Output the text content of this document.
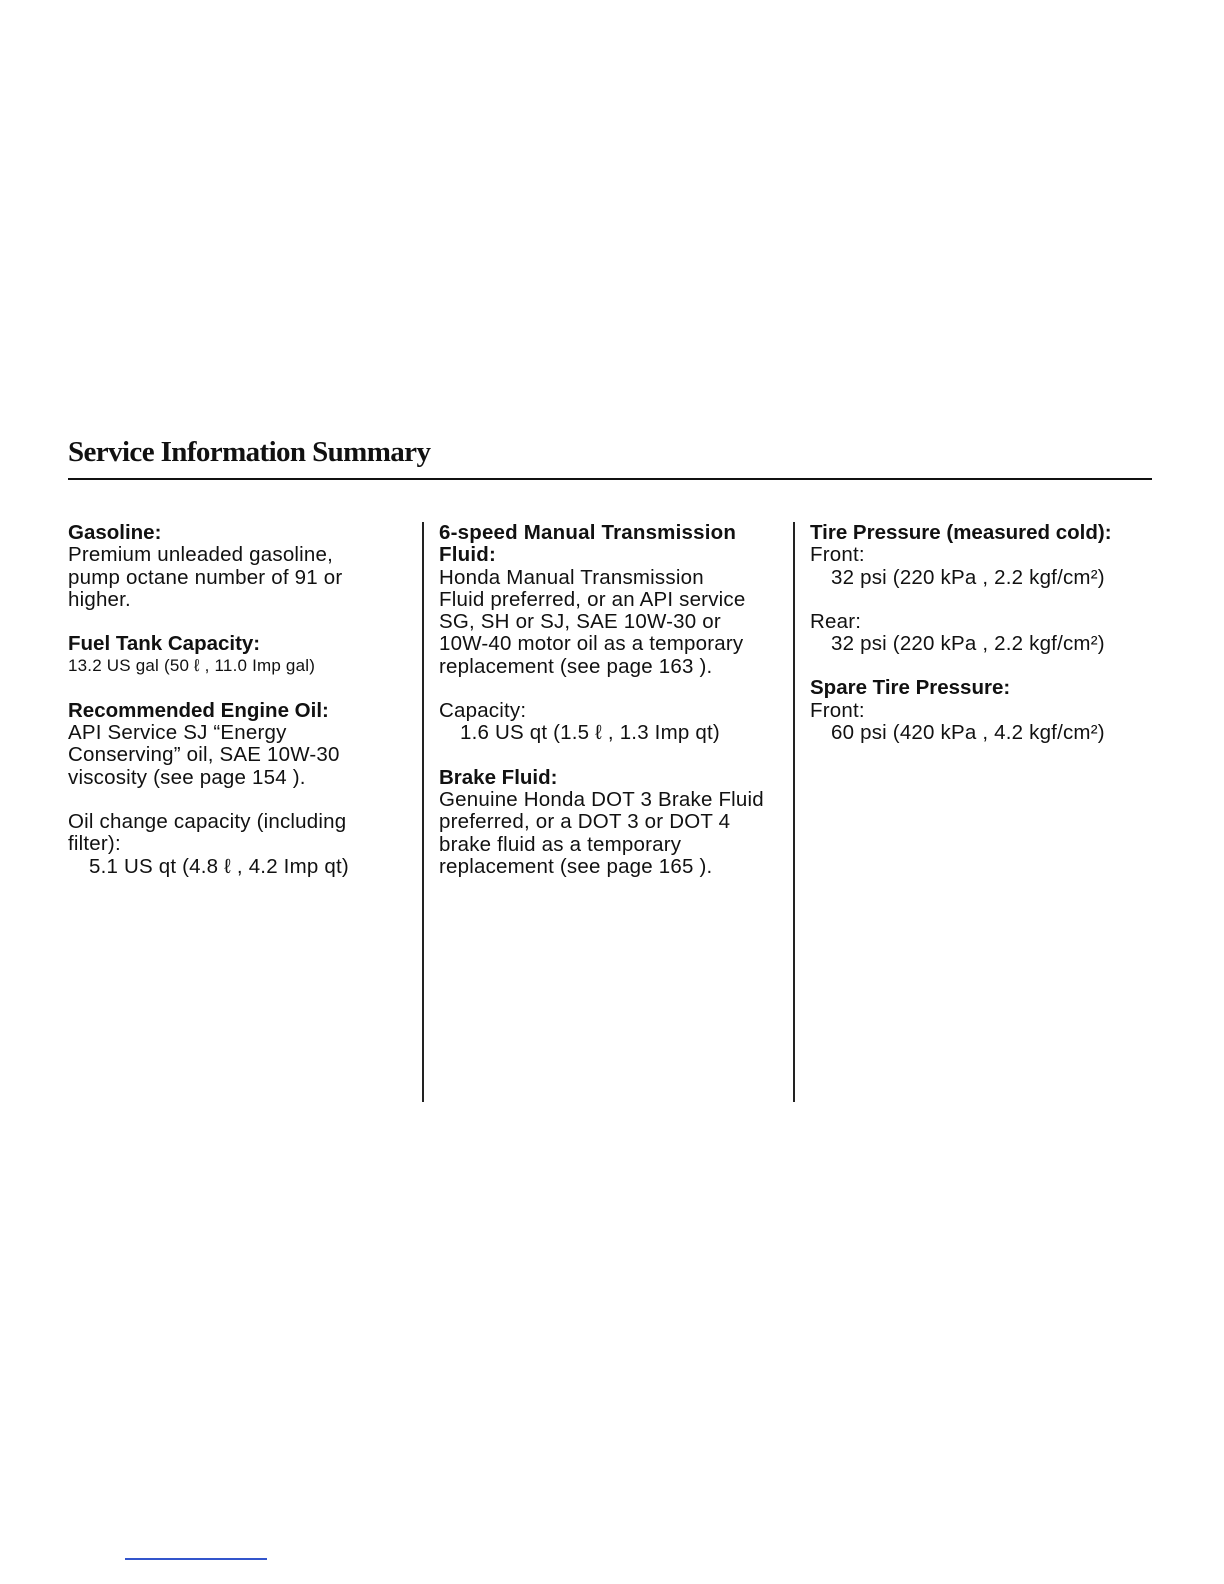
Service Information Summary
Gasoline:
Premium unleaded gasoline,
pump octane number of 91 or
higher.
Fuel Tank Capacity:
13.2 US gal (50 ℓ , 11.0 Imp gal)
Recommended Engine Oil:
API Service SJ “Energy
Conserving” oil, SAE 10W-30
viscosity (see page 154 ).
Oil change capacity (including
filter):
5.1 US qt (4.8 ℓ , 4.2 Imp qt)
6-speed Manual Transmission
Fluid:
Honda Manual Transmission
Fluid preferred, or an API service
SG, SH or SJ, SAE 10W-30 or
10W-40 motor oil as a temporary
replacement (see page 163 ).
Capacity:
1.6 US qt (1.5 ℓ , 1.3 Imp qt)
Brake Fluid:
Genuine Honda DOT 3 Brake Fluid
preferred, or a DOT 3 or DOT 4
brake fluid as a temporary
replacement (see page 165 ).
Tire Pressure (measured cold):
Front:
32 psi (220 kPa , 2.2 kgf/cm²)
Rear:
32 psi (220 kPa , 2.2 kgf/cm²)
Spare Tire Pressure:
Front:
60 psi (420 kPa , 4.2 kgf/cm²)
